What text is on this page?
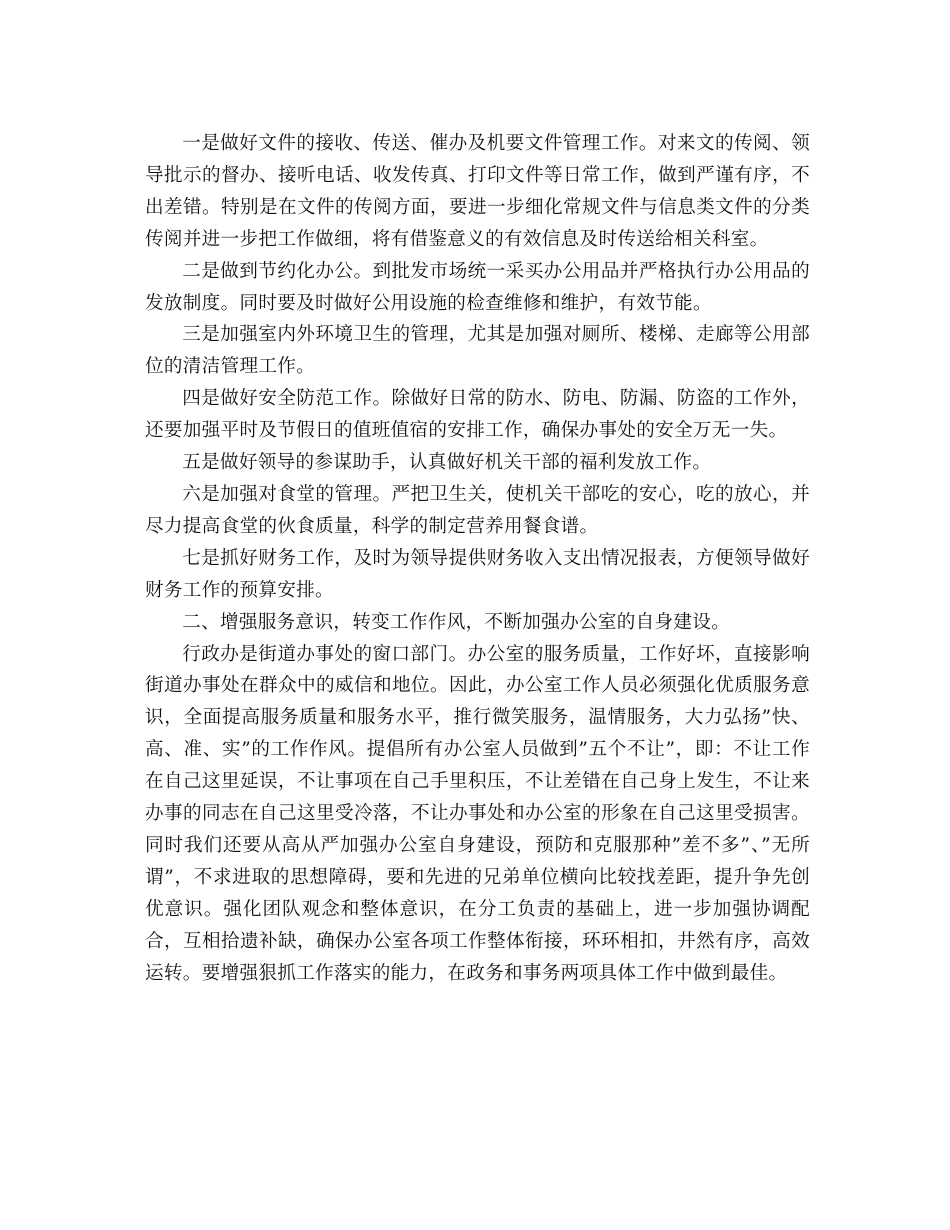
一是做好文件的接收、传送、催办及机要文件管理工作。对来文的传阅、领导批示的督办、接听电话、收发传真、打印文件等日常工作，做到严谨有序，不出差错。特别是在文件的传阅方面，要进一步细化常规文件与信息类文件的分类传阅并进一步把工作做细，将有借鉴意义的有效信息及时传送给相关科室。

二是做到节约化办公。到批发市场统一采买办公用品并严格执行办公用品的发放制度。同时要及时做好公用设施的检查维修和维护，有效节能。

三是加强室内外环境卫生的管理，尤其是加强对厕所、楼梯、走廊等公用部位的清洁管理工作。

四是做好安全防范工作。除做好日常的防水、防电、防漏、防盗的工作外，还要加强平时及节假日的值班值宿的安排工作，确保办事处的安全万无一失。

五是做好领导的参谋助手，认真做好机关干部的福利发放工作。

六是加强对食堂的管理。严把卫生关，使机关干部吃的安心，吃的放心，并尽力提高食堂的伙食质量，科学的制定营养用餐食谱。

七是抓好财务工作，及时为领导提供财务收入支出情况报表，方便领导做好财务工作的预算安排。

二、增强服务意识，转变工作作风，不断加强办公室的自身建设。

行政办是街道办事处的窗口部门。办公室的服务质量，工作好坏，直接影响街道办事处在群众中的威信和地位。因此，办公室工作人员必须强化优质服务意识，全面提高服务质量和服务水平，推行微笑服务，温情服务，大力弘扬”快、高、准、实”的工作作风。提倡所有办公室人员做到”五个不让”，即：不让工作在自己这里延误，不让事项在自己手里积压，不让差错在自己身上发生，不让来办事的同志在自己这里受冷落，不让办事处和办公室的形象在自己这里受损害。同时我们还要从高从严加强办公室自身建设，预防和克服那种”差不多”、”无所谓”，不求进取的思想障碍，要和先进的兄弟单位横向比较找差距，提升争先创优意识。强化团队观念和整体意识，在分工负责的基础上，进一步加强协调配合，互相拾遗补缺，确保办公室各项工作整体衔接，环环相扣，井然有序，高效运转。要增强狠抓工作落实的能力，在政务和事务两项具体工作中做到最佳。
